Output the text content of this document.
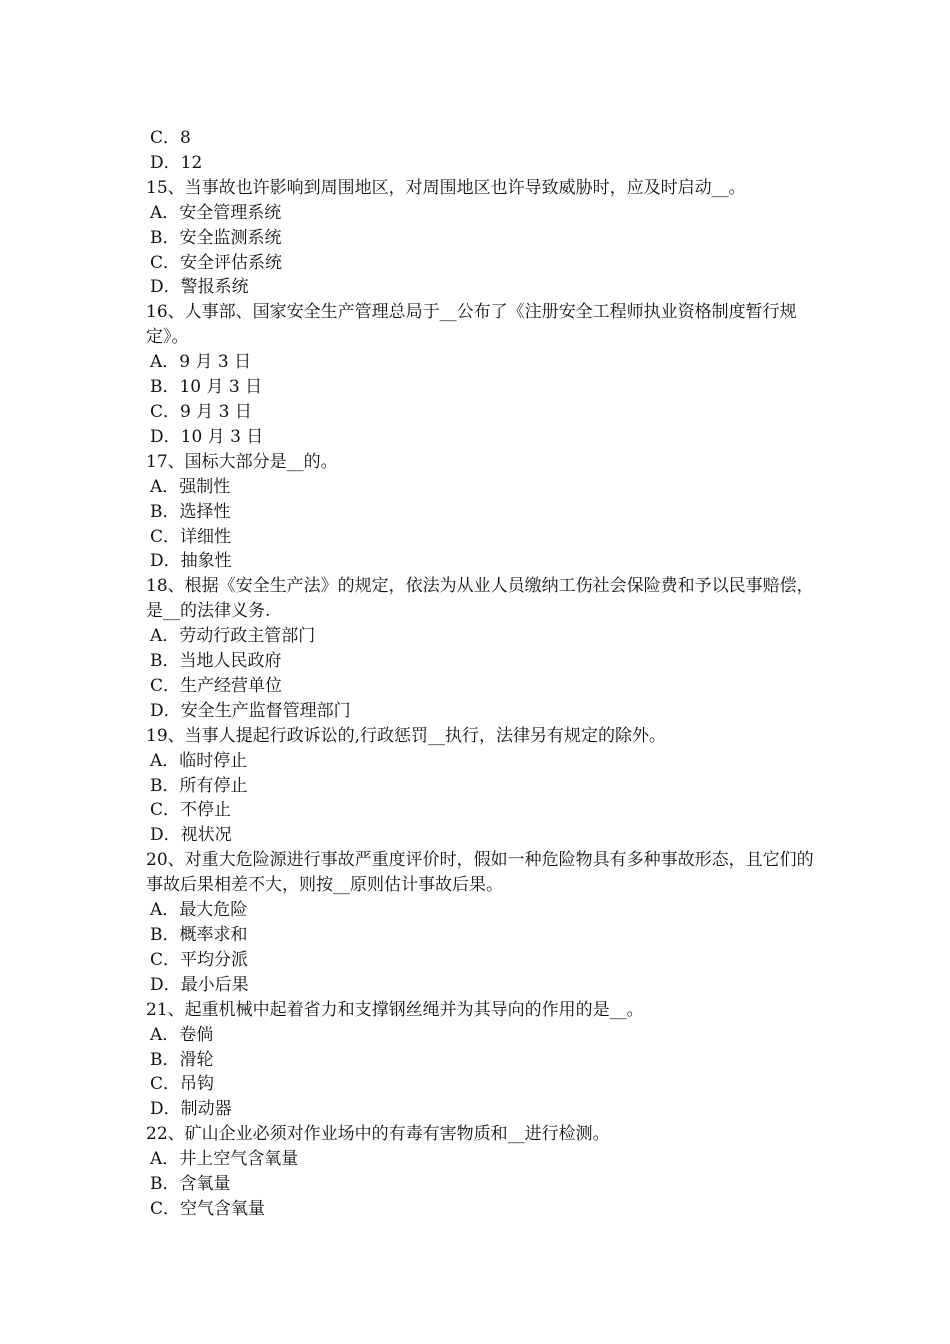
C．8
D．12
15、当事故也许影响到周围地区，对周围地区也许导致威胁时，应及时启动__。
A．安全管理系统
B．安全监测系统
C．安全评估系统
D．警报系统
16、人事部、国家安全生产管理总局于__公布了《注册安全工程师执业资格制度暂行规定》。
A．9 月 3 日
B．10 月 3 日
C．9 月 3 日
D．10 月 3 日
17、国标大部分是__的。
A．强制性
B．选择性
C．详细性
D．抽象性
18、根据《安全生产法》的规定，依法为从业人员缴纳工伤社会保险费和予以民事赔偿，是__的法律义务.
A．劳动行政主管部门
B．当地人民政府
C．生产经营单位
D．安全生产监督管理部门
19、当事人提起行政诉讼的,行政惩罚__执行，法律另有规定的除外。
A．临时停止
B．所有停止
C．不停止
D．视状况
20、对重大危险源进行事故严重度评价时，假如一种危险物具有多种事故形态，且它们的事故后果相差不大，则按__原则估计事故后果。
A．最大危险
B．概率求和
C．平均分派
D．最小后果
21、起重机械中起着省力和支撑钢丝绳并为其导向的作用的是__。
A．卷倘
B．滑轮
C．吊钩
D．制动器
22、矿山企业必须对作业场中的有毒有害物质和__进行检测。
A．井上空气含氧量
B．含氧量
C．空气含氧量
